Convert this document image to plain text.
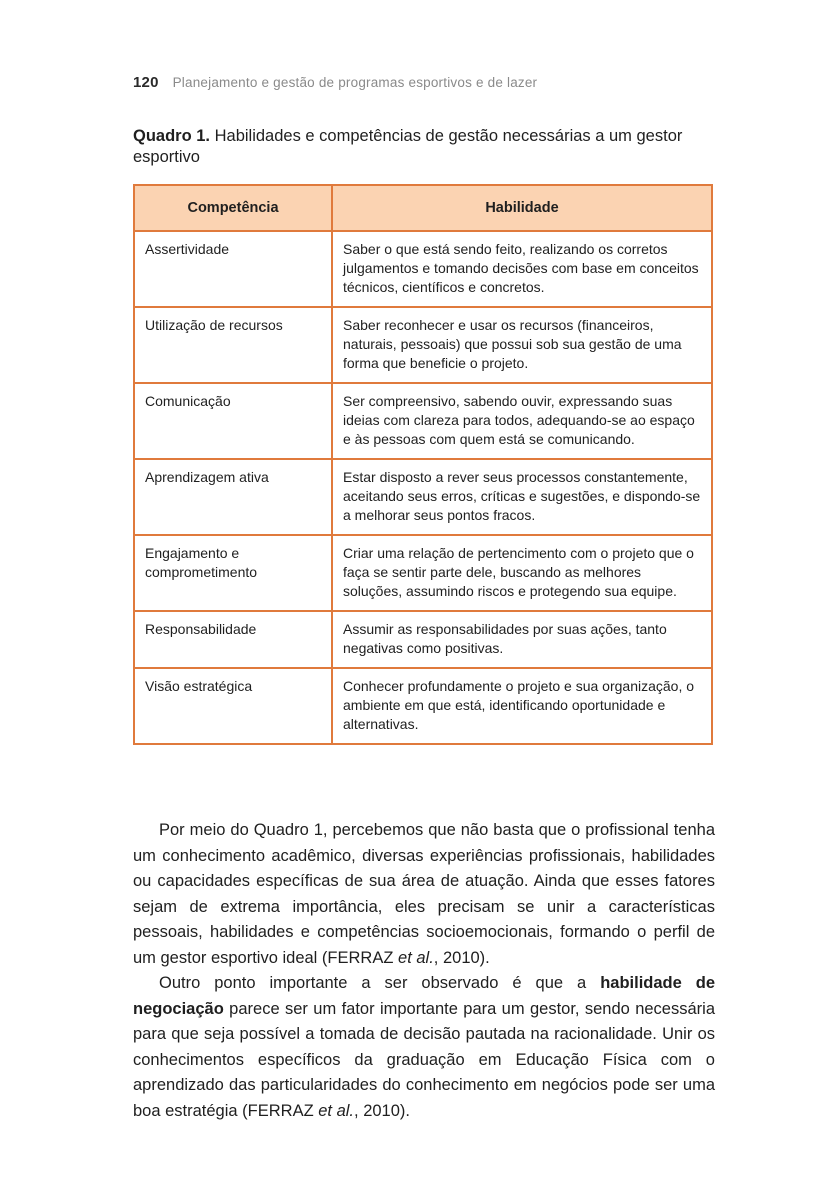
120 Planejamento e gestão de programas esportivos e de lazer
Quadro 1. Habilidades e competências de gestão necessárias a um gestor esportivo
Competência	Habilidade
Assertividade	Saber o que está sendo feito, realizando os corretos julgamentos e tomando decisões com base em conceitos técnicos, científicos e concretos.
Utilização de recursos	Saber reconhecer e usar os recursos (financeiros, naturais, pessoais) que possui sob sua gestão de uma forma que beneficie o projeto.
Comunicação	Ser compreensivo, sabendo ouvir, expressando suas ideias com clareza para todos, adequando-se ao espaço e às pessoas com quem está se comunicando.
Aprendizagem ativa	Estar disposto a rever seus processos constantemente, aceitando seus erros, críticas e sugestões, e dispondo-se a melhorar seus pontos fracos.
Engajamento e comprometimento	Criar uma relação de pertencimento com o projeto que o faça se sentir parte dele, buscando as melhores soluções, assumindo riscos e protegendo sua equipe.
Responsabilidade	Assumir as responsabilidades por suas ações, tanto negativas como positivas.
Visão estratégica	Conhecer profundamente o projeto e sua organização, o ambiente em que está, identificando oportunidade e alternativas.

Por meio do Quadro 1, percebemos que não basta que o profissional tenha um conhecimento acadêmico, diversas experiências profissionais, habilidades ou capacidades específicas de sua área de atuação. Ainda que esses fatores sejam de extrema importância, eles precisam se unir a características pessoais, habilidades e competências socioemocionais, formando o perfil de um gestor esportivo ideal (FERRAZ et al., 2010).

Outro ponto importante a ser observado é que a habilidade de negociação parece ser um fator importante para um gestor, sendo necessária para que seja possível a tomada de decisão pautada na racionalidade. Unir os conhecimentos específicos da graduação em Educação Física com o aprendizado das particularidades do conhecimento em negócios pode ser uma boa estratégia (FERRAZ et al., 2010).
